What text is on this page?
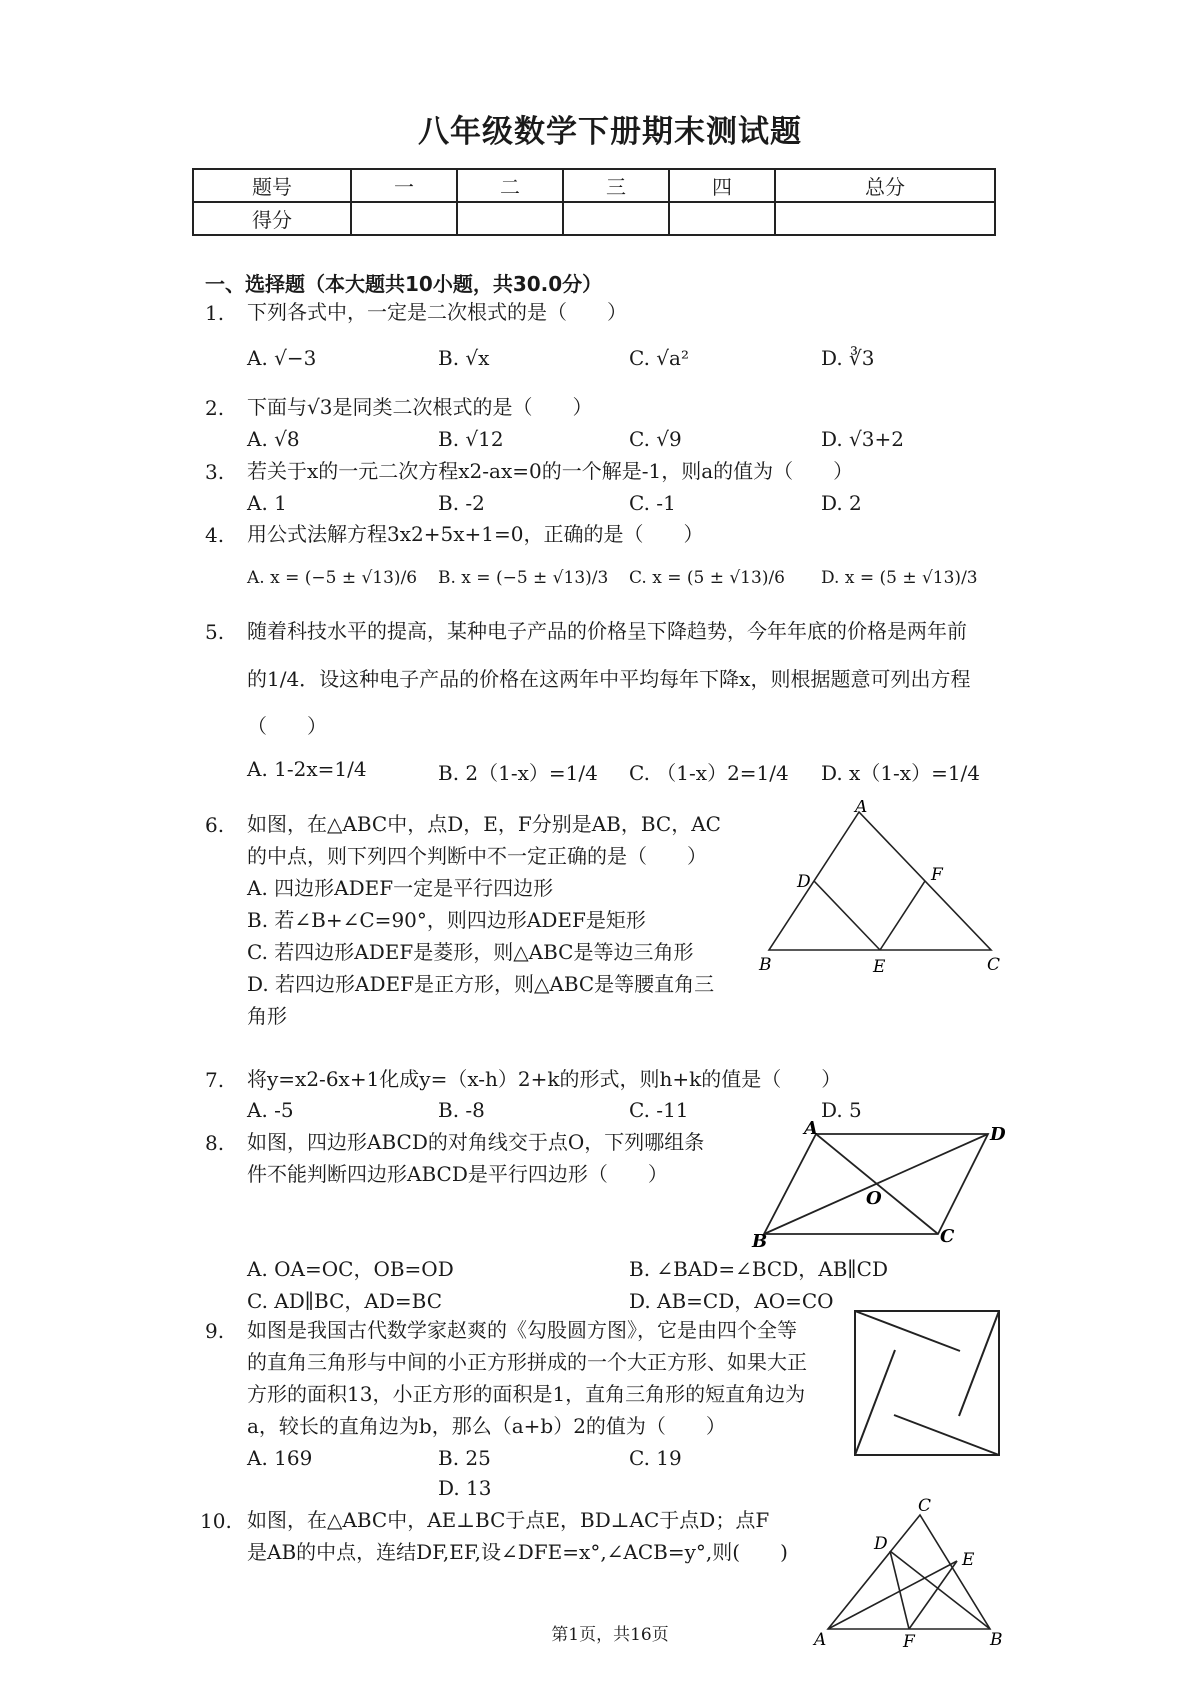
八年级数学下册期末测试题
题号	一	二	三	四	总分
得分					
一、选择题（本大题共10小题，共30.0分）
1. 下列各式中，一定是二次根式的是（　　）
A. √−3	B. √x	C. √a²	D. ∛3
2. 下面与√3是同类二次根式的是（　　）
A. √8	B. √12	C. √9	D. √3+2
3. 若关于x的一元二次方程x2-ax=0的一个解是-1，则a的值为（　　）
A. 1	B. -2	C. -1	D. 2
4. 用公式法解方程3x2+5x+1=0，正确的是（　　）
A. x = (−5 ± √13)/6 B. x = (−5 ± √13)/3 C. x = (5 ± √13)/6 D. x = (5 ± √13)/3
5. 随着科技水平的提高，某种电子产品的价格呈下降趋势，今年年底的价格是两年前
的1/4．设这种电子产品的价格在这两年中平均每年下降x，则根据题意可列出方程
（　　）
A. 1-2x=1/4	B. 2（1-x）=1/4 C. （1-x）2=1/4 D. x（1-x）=1/4
6. 如图，在△ABC中，点D，E，F分别是AB，BC，AC
的中点，则下列四个判断中不一定正确的是（　　）
A. 四边形ADEF一定是平行四边形
B. 若∠B+∠C=90°，则四边形ADEF是矩形
C. 若四边形ADEF是菱形，则△ABC是等边三角形
D. 若四边形ADEF是正方形，则△ABC是等腰直角三
角形
A
D	F
B	E	C
7. 将y=x2-6x+1化成y=（x-h）2+k的形式，则h+k的值是（　　）
A. -5	B. -8	C. -11	D. 5
8. 如图，四边形ABCD的对角线交于点O，下列哪组条
件不能判断四边形ABCD是平行四边形（　　）
A. OA=OC，OB=OD	B. ∠BAD=∠BCD，AB∥CD
C. AD∥BC，AD=BC	D. AB=CD，AO=CO
A	D
O
B	C
9. 如图是我国古代数学家赵爽的《勾股圆方图》，它是由四个全等
的直角三角形与中间的小正方形拼成的一个大正方形、如果大正
方形的面积13，小正方形的面积是1，直角三角形的短直角边为
a，较长的直角边为b，那么（a+b）2的值为（　　）
A. 169	B. 25	C. 19
D. 13
10. 如图，在△ABC中，AE⊥BC于点E，BD⊥AC于点D；点F
是AB的中点，连结DF,EF,设∠DFE=x°,∠ACB=y°,则(　　)
C
D
E
A	F	B
第1页，共16页
